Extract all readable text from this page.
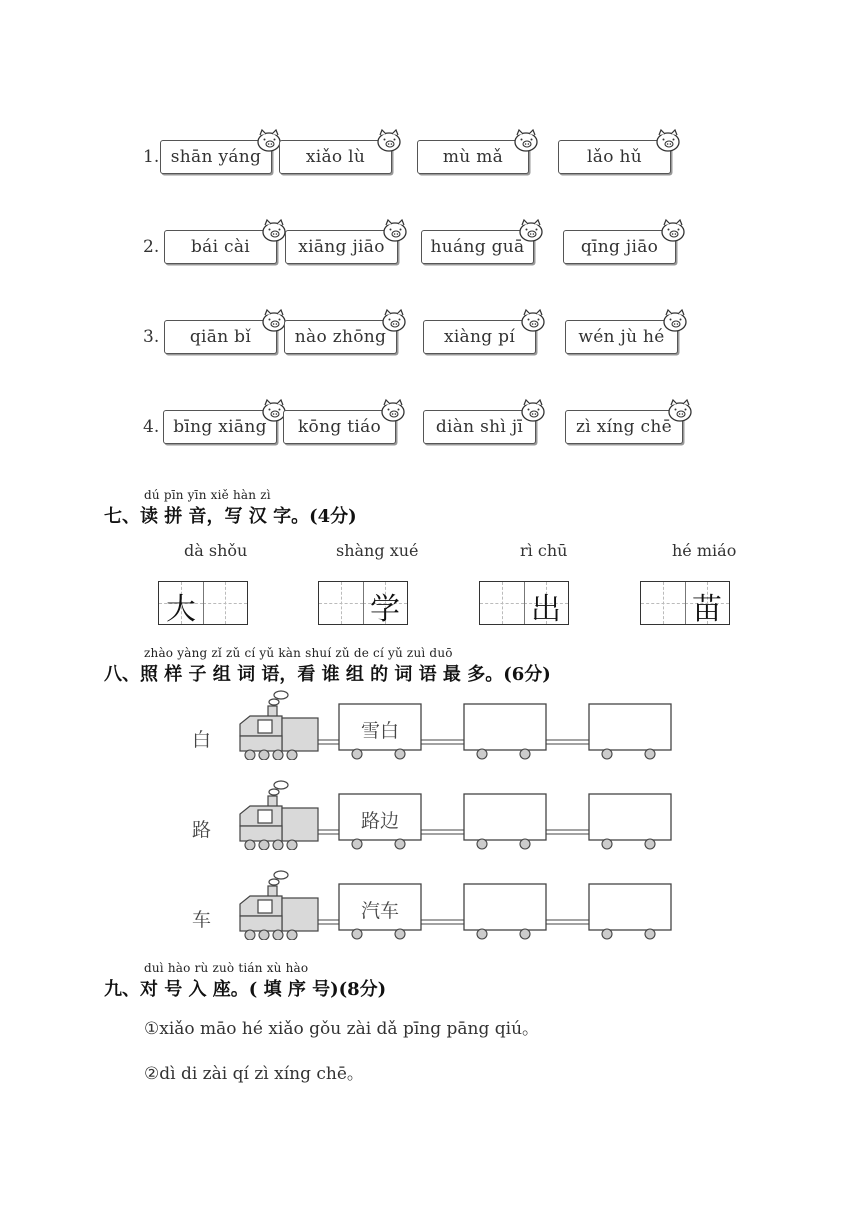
1. shān yáng	xiǎo lù	mù mǎ	lǎo hǔ
2.	bái cài	xiāng jiāo	huáng guā	qīng jiāo
3.	qiān bǐ	nào zhōng	xiàng pí	wén jù hé
4. bīng xiāng	kōng tiáo	diàn shì jī	zì xíng chē
dú pīn yīn xiě hàn zì
七、读 拼 音，写 汉 字。(4分)
dà shǒu	shàng xué	rì chū	hé miáo
大	学	出	苗
zhào yàng zǐ zǔ cí yǔ kàn shuí zǔ de cí yǔ zuì duō
八、照 样 子 组 词 语，看 谁 组 的 词 语 最 多。(6分)
白	雪白
路	路边
车	汽车
duì hào rù zuò tián xù hào
九、对 号 入 座。( 填 序 号)(8分)
①xiǎo māo hé xiǎo gǒu zài dǎ pīng pāng qiú。
②dì di zài qí zì xíng chē。
